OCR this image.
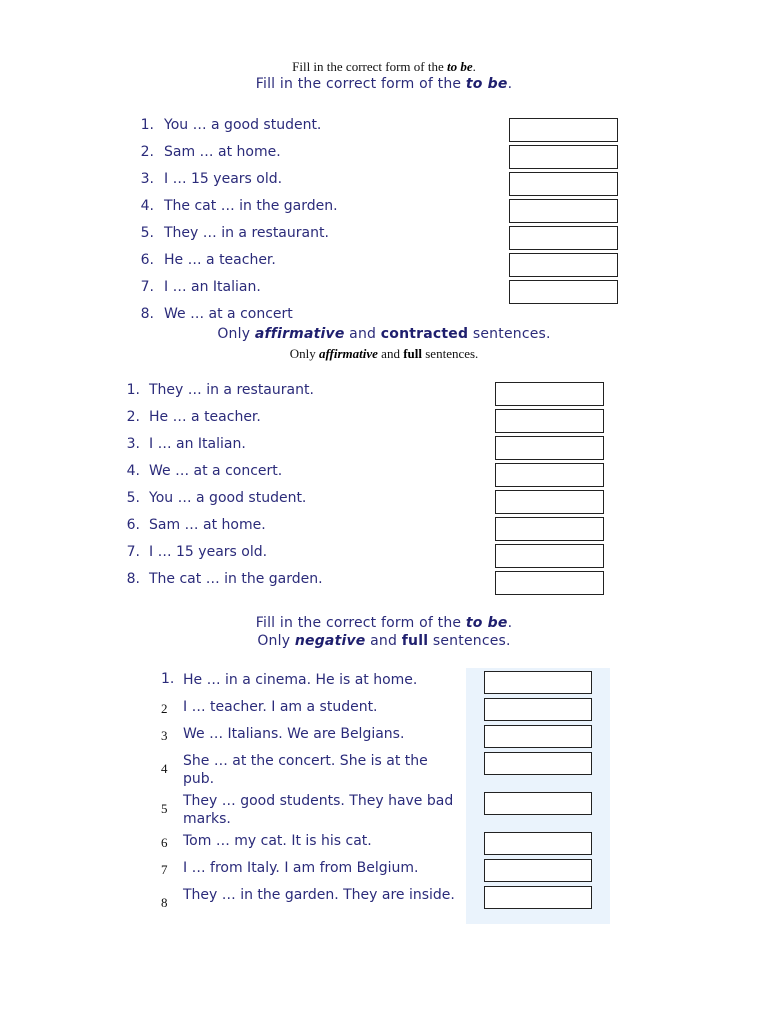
Fill in the correct form of the to be.
Fill in the correct form of the to be.
1. You … a good student.
2. Sam … at home.
3. I … 15 years old.
4. The cat … in the garden.
5. They … in a restaurant.
6. He … a teacher.
7. I … an Italian.
8. We … at a concert
Only affirmative and contracted sentences.
Only affirmative and full sentences.
1. They … in a restaurant.
2. He … a teacher.
3. I … an Italian.
4. We … at a concert.
5. You … a good student.
6. Sam … at home.
7. I … 15 years old.
8. The cat … in the garden.
Fill in the correct form of the to be.
Only negative and full sentences.
1. He … in a cinema. He is at home.
2 I … teacher. I am a student.
3 We … Italians. We are Belgians.
4 She … at the concert. She is at the pub.
5 They … good students. They have bad marks.
6 Tom … my cat. It is his cat.
7 I … from Italy. I am from Belgium.
8 They … in the garden. They are inside.
